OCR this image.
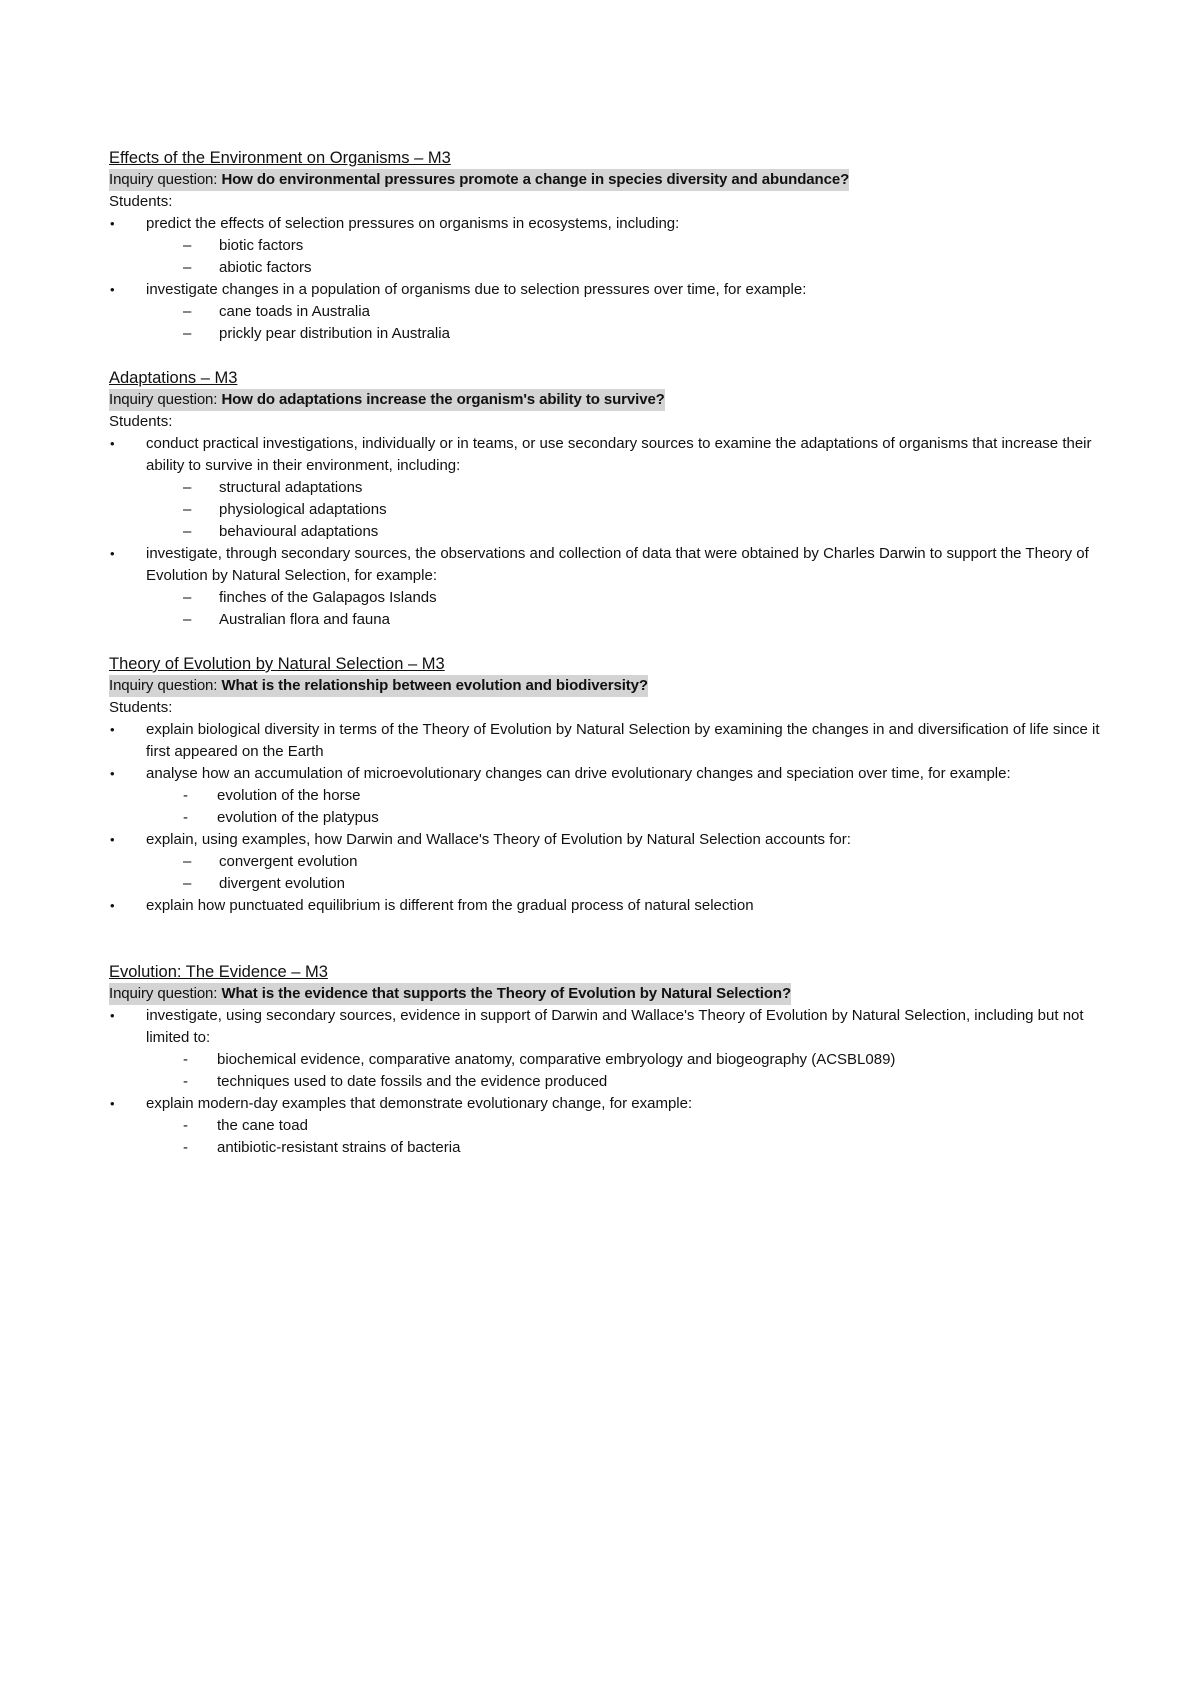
Effects of the Environment on Organisms – M3
Inquiry question: How do environmental pressures promote a change in species diversity and abundance?
Students:
• predict the effects of selection pressures on organisms in ecosystems, including:
– biotic factors
– abiotic factors
• investigate changes in a population of organisms due to selection pressures over time, for example:
– cane toads in Australia
– prickly pear distribution in Australia
Adaptations – M3
Inquiry question: How do adaptations increase the organism's ability to survive?
Students:
• conduct practical investigations, individually or in teams, or use secondary sources to examine the adaptations of organisms that increase their ability to survive in their environment, including:
– structural adaptations
– physiological adaptations
– behavioural adaptations
• investigate, through secondary sources, the observations and collection of data that were obtained by Charles Darwin to support the Theory of Evolution by Natural Selection, for example:
– finches of the Galapagos Islands
– Australian flora and fauna
Theory of Evolution by Natural Selection – M3
Inquiry question: What is the relationship between evolution and biodiversity?
Students:
• explain biological diversity in terms of the Theory of Evolution by Natural Selection by examining the changes in and diversification of life since it first appeared on the Earth
• analyse how an accumulation of microevolutionary changes can drive evolutionary changes and speciation over time, for example:
- evolution of the horse
- evolution of the platypus
• explain, using examples, how Darwin and Wallace's Theory of Evolution by Natural Selection accounts for:
– convergent evolution
– divergent evolution
• explain how punctuated equilibrium is different from the gradual process of natural selection
Evolution: The Evidence – M3
Inquiry question: What is the evidence that supports the Theory of Evolution by Natural Selection?
• investigate, using secondary sources, evidence in support of Darwin and Wallace's Theory of Evolution by Natural Selection, including but not limited to:
- biochemical evidence, comparative anatomy, comparative embryology and biogeography (ACSBL089)
- techniques used to date fossils and the evidence produced
• explain modern-day examples that demonstrate evolutionary change, for example:
- the cane toad
- antibiotic-resistant strains of bacteria
